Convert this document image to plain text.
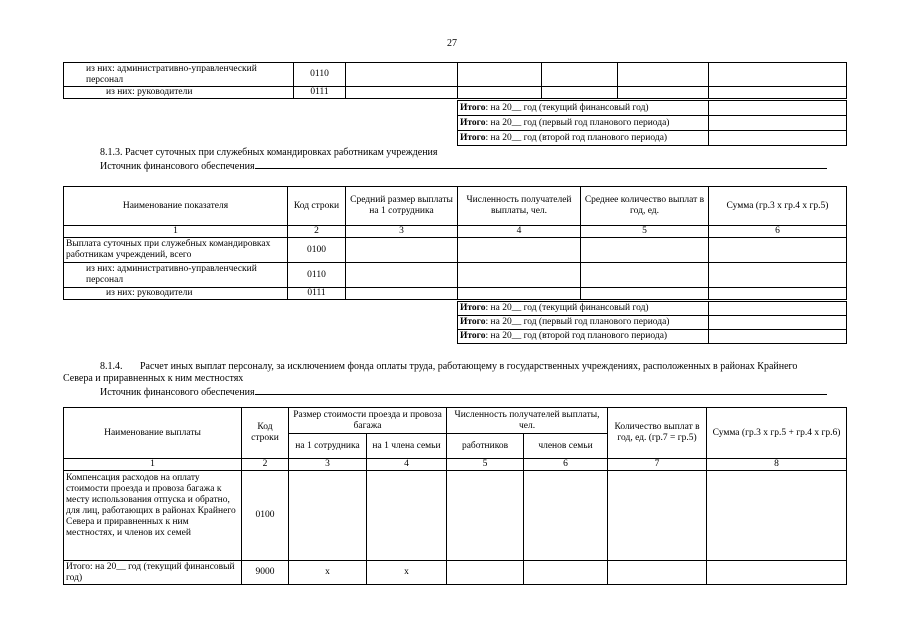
27
из них: административно-управленческий персонал	0110					
из них: руководители	0111					
Итого: на 20__ год (текущий финансовый год)	
Итого: на 20__ год (первый год планового периода)	
Итого: на 20__ год (второй год планового периода)	
8.1.3. Расчет суточных при служебных командировках работникам учреждения
Источник финансового обеспечения
Наименование показателя	Код строки	Средний размер выплаты на 1 сотрудника	Численность получателей выплаты, чел.	Среднее количество выплат в год, ед.	Сумма (гр.3 х гр.4 х гр.5)
1	2	3	4	5	6
Выплата суточных при служебных командировках работникам учреждений, всего	0100				
из них: административно-управленческий персонал	0110				
из них: руководители	0111				
Итого: на 20__ год (текущий финансовый год)	
Итого: на 20__ год (первый год планового периода)	
Итого: на 20__ год (второй год планового периода)	
8.1.4. Расчет иных выплат персоналу, за исключением фонда оплаты труда, работающему в государственных учреждениях, расположенных в районах Крайнего
Севера и приравненных к ним местностях
Источник финансового обеспечения
Наименование выплаты	Код строки	Размер стоимости проезда и провоза багажа		Численность получателей выплаты, чел.		Количество выплат в год, ед. (гр.7 = гр.5)	Сумма (гр.3 х гр.5 + гр.4 х гр.6)
		на 1 сотрудника	на 1 члена семьи	работников	членов семьи		
1	2	3	4	5	6	7	8
Компенсация расходов на оплату стоимости проезда и провоза багажа к месту использования отпуска и обратно, для лиц, работающих в районах Крайнего Севера и приравненных к ним местностях, и членов их семей	0100						
Итого: на 20__ год (текущий финансовый год)	9000	x	x				
